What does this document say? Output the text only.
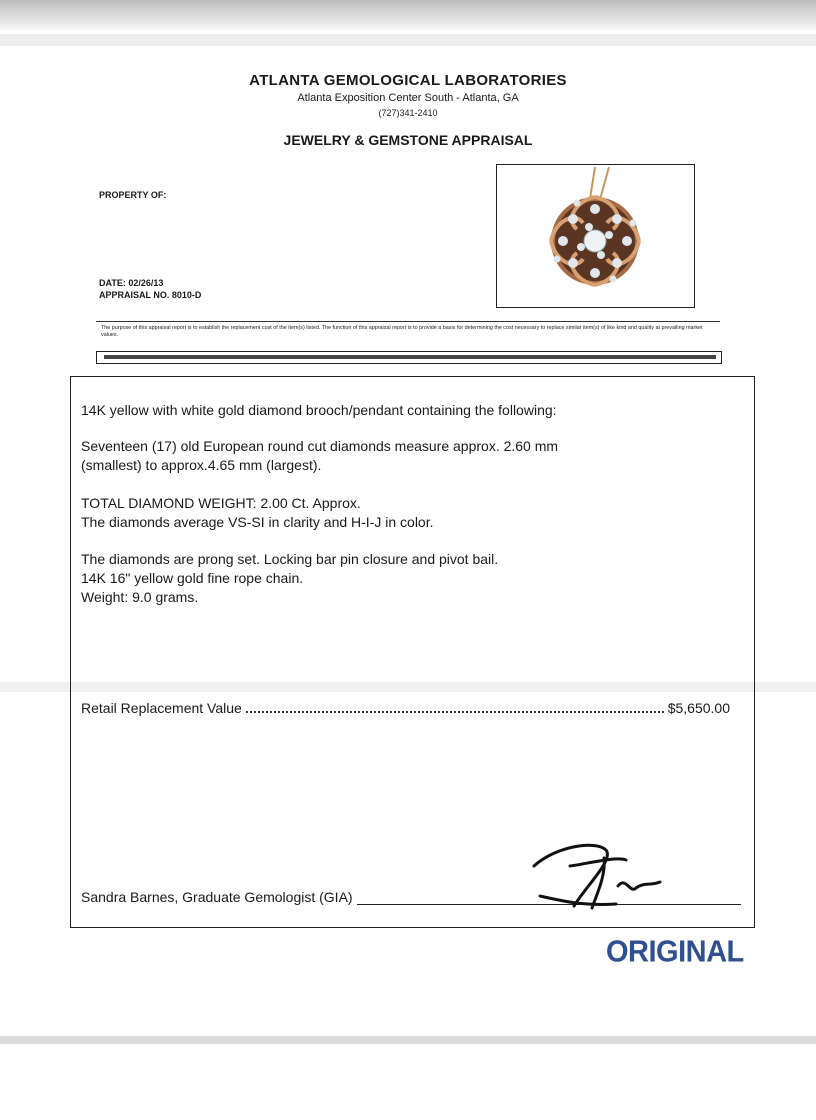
ATLANTA GEMOLOGICAL LABORATORIES
Atlanta Exposition Center South - Atlanta, GA
(727)341-2410
JEWELRY & GEMSTONE APPRAISAL
PROPERTY OF:
DATE: 02/26/13
APPRAISAL NO. 8010-D
The purpose of this appraisal report is to establish the replacement cost of the item(s) listed. The function of this appraisal report is to provide a basis for determining the cost necessary to replace similar item(s) of like kind and quality at prevailing market values.
14K yellow with white gold diamond brooch/pendant containing the following:
Seventeen (17) old European round cut diamonds measure approx. 2.60 mm
(smallest) to approx.4.65 mm (largest).
TOTAL DIAMOND WEIGHT: 2.00 Ct. Approx.
The diamonds average VS-SI in clarity and H-I-J in color.
The diamonds are prong set. Locking bar pin closure and pivot bail.
14K 16" yellow gold fine rope chain.
Weight: 9.0 grams.
Retail Replacement Value	$5,650.00
Sandra Barnes, Graduate Gemologist (GIA)
ORIGINAL
